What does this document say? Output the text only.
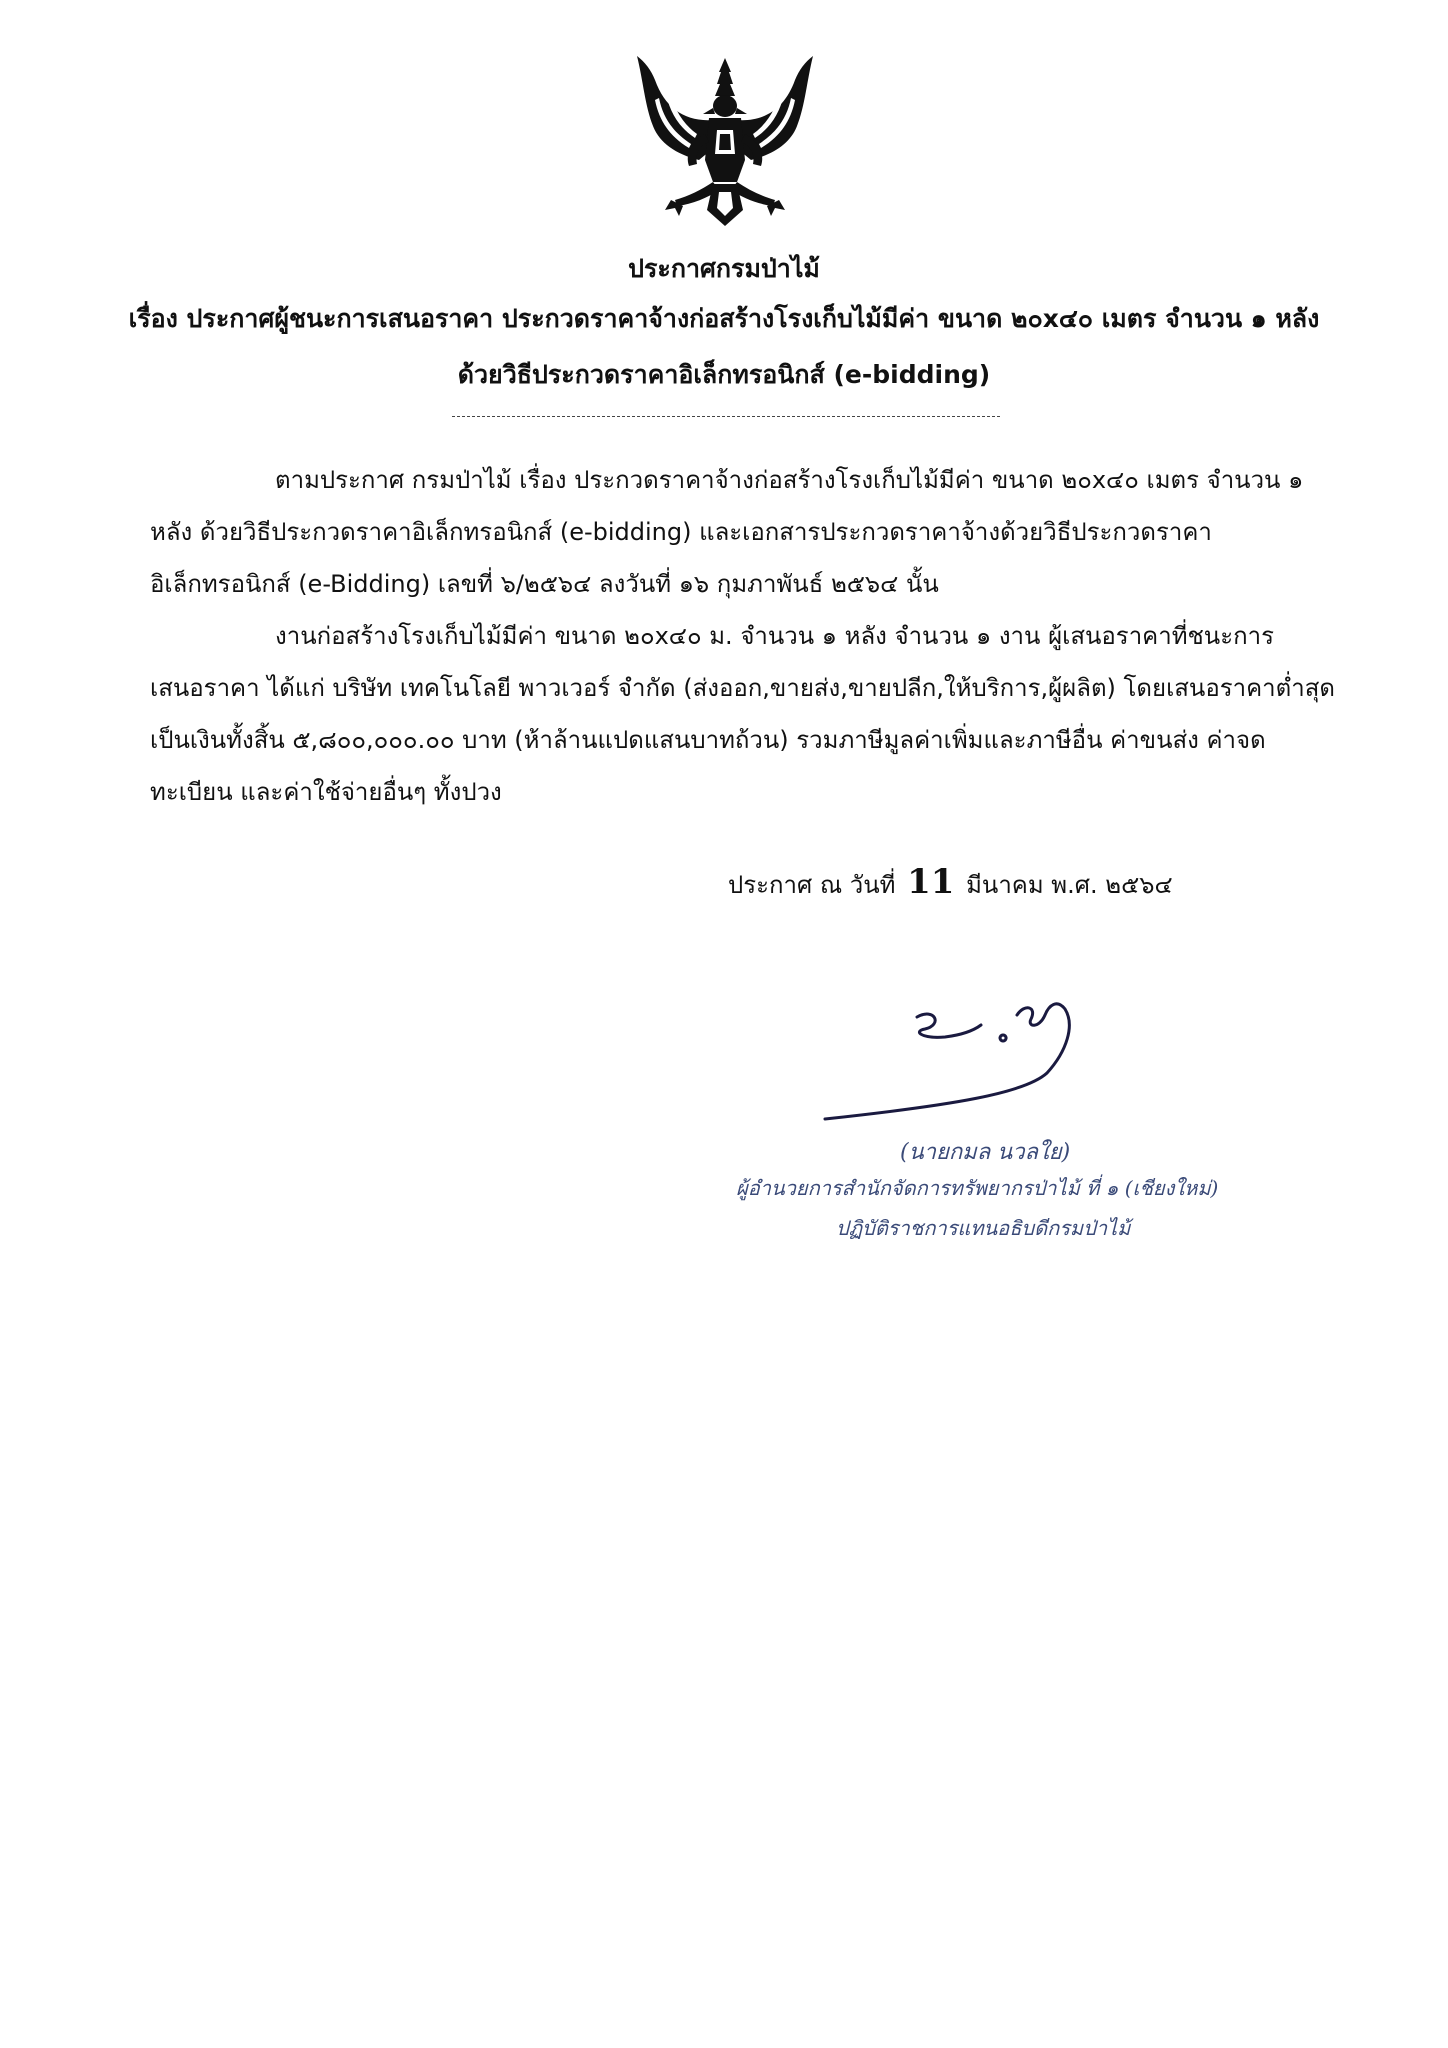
ประกาศกรมป่าไม้
เรื่อง ประกาศผู้ชนะการเสนอราคา ประกวดราคาจ้างก่อสร้างโรงเก็บไม้มีค่า ขนาด ๒๐x๔๐ เมตร จำนวน ๑ หลัง
ด้วยวิธีประกวดราคาอิเล็กทรอนิกส์ (e-bidding)
ตามประกาศ กรมป่าไม้ เรื่อง ประกวดราคาจ้างก่อสร้างโรงเก็บไม้มีค่า ขนาด ๒๐x๔๐ เมตร จำนวน ๑
หลัง ด้วยวิธีประกวดราคาอิเล็กทรอนิกส์ (e-bidding) และเอกสารประกวดราคาจ้างด้วยวิธีประกวดราคา
อิเล็กทรอนิกส์ (e-Bidding) เลขที่ ๖/๒๕๖๔ ลงวันที่ ๑๖ กุมภาพันธ์ ๒๕๖๔ นั้น
งานก่อสร้างโรงเก็บไม้มีค่า ขนาด ๒๐x๔๐ ม. จำนวน ๑ หลัง จำนวน ๑ งาน ผู้เสนอราคาที่ชนะการ
เสนอราคา ได้แก่ บริษัท เทคโนโลยี พาวเวอร์ จำกัด (ส่งออก,ขายส่ง,ขายปลีก,ให้บริการ,ผู้ผลิต) โดยเสนอราคาต่ำสุด
เป็นเงินทั้งสิ้น ๕,๘๐๐,๐๐๐.๐๐ บาท (ห้าล้านแปดแสนบาทถ้วน) รวมภาษีมูลค่าเพิ่มและภาษีอื่น ค่าขนส่ง ค่าจด
ทะเบียน และค่าใช้จ่ายอื่นๆ ทั้งปวง
ประกาศ ณ วันที่ 11 มีนาคม พ.ศ. ๒๕๖๔
(นายกมล นวลใย)
ผู้อำนวยการสำนักจัดการทรัพยากรป่าไม้ ที่ ๑ (เชียงใหม่)
ปฏิบัติราชการแทนอธิบดีกรมป่าไม้
